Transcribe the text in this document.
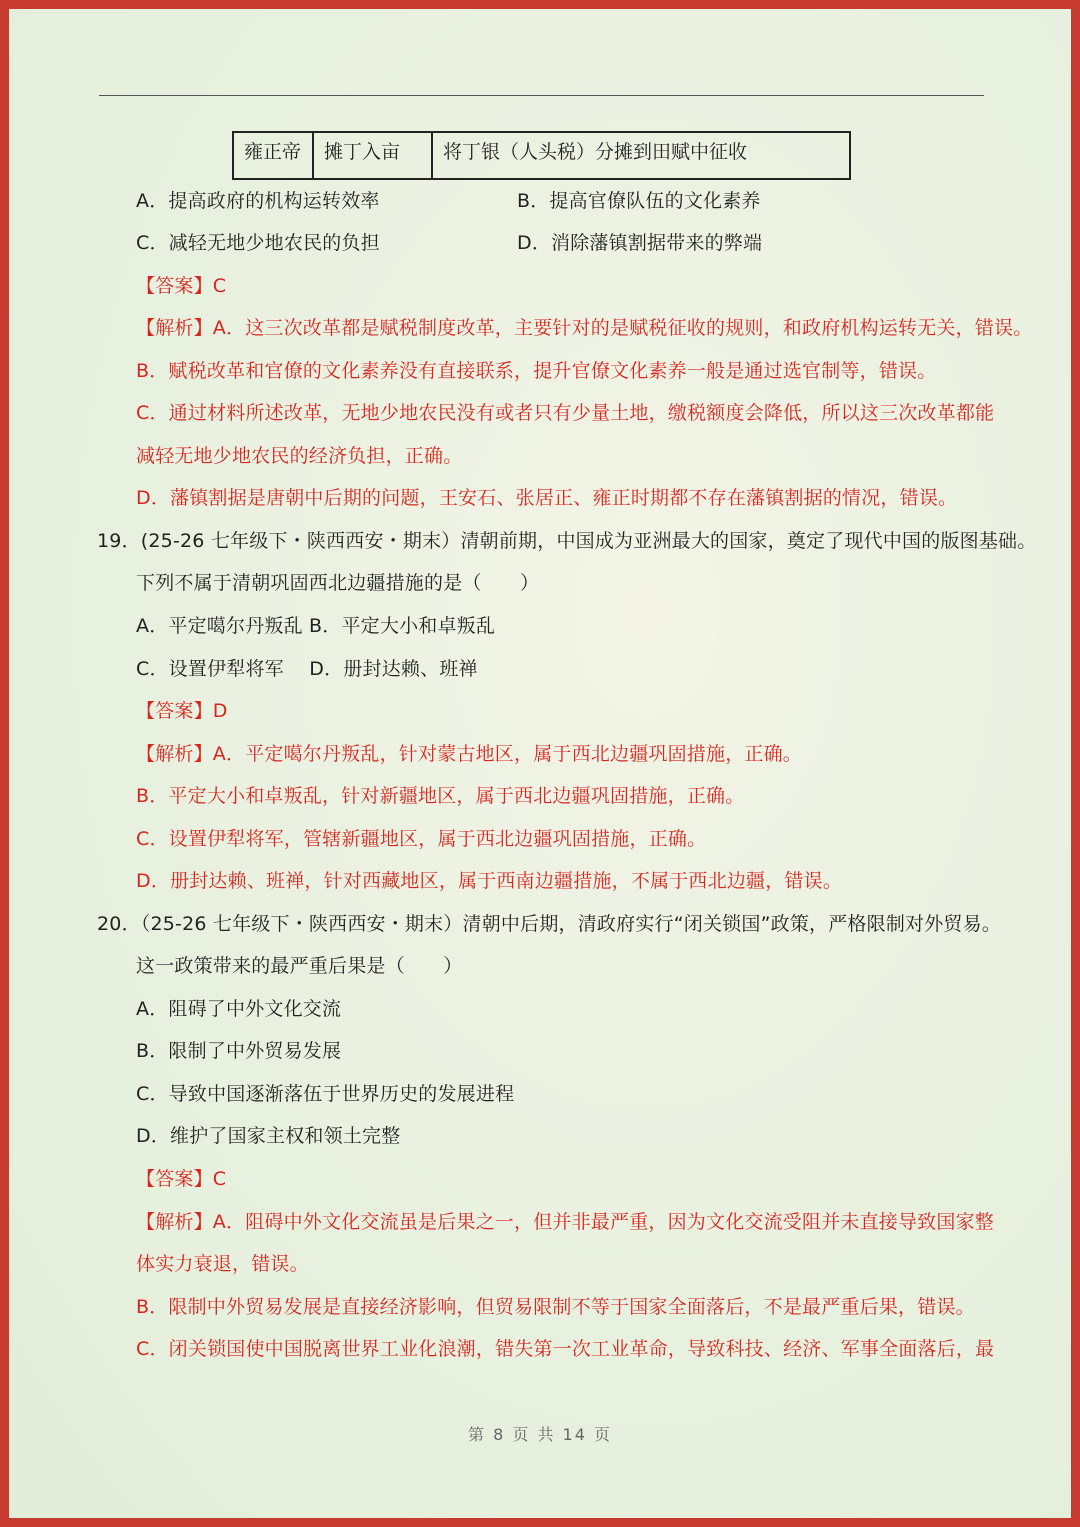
雍正帝	摊丁入亩	将丁银（人头税）分摊到田赋中征收
A．提高政府的机构运转效率	B．提高官僚队伍的文化素养
C．减轻无地少地农民的负担	D．消除藩镇割据带来的弊端
【答案】C
【解析】A．这三次改革都是赋税制度改革，主要针对的是赋税征收的规则，和政府机构运转无关，错误。
B．赋税改革和官僚的文化素养没有直接联系，提升官僚文化素养一般是通过选官制等，错误。
C．通过材料所述改革，无地少地农民没有或者只有少量土地，缴税额度会降低，所以这三次改革都能
减轻无地少地农民的经济负担，正确。
D．藩镇割据是唐朝中后期的问题，王安石、张居正、雍正时期都不存在藩镇割据的情况，错误。
19．(25-26 七年级下・陕西西安・期末）清朝前期，中国成为亚洲最大的国家，奠定了现代中国的版图基础。
下列不属于清朝巩固西北边疆措施的是（　　）
A．平定噶尔丹叛乱 B．平定大小和卓叛乱
C．设置伊犁将军　 D．册封达赖、班禅
【答案】D
【解析】A．平定噶尔丹叛乱，针对蒙古地区，属于西北边疆巩固措施，正确。
B．平定大小和卓叛乱，针对新疆地区，属于西北边疆巩固措施，正确。
C．设置伊犁将军，管辖新疆地区，属于西北边疆巩固措施，正确。
D．册封达赖、班禅，针对西藏地区，属于西南边疆措施，不属于西北边疆，错误。
20．（25-26 七年级下・陕西西安・期末）清朝中后期，清政府实行“闭关锁国”政策，严格限制对外贸易。
这一政策带来的最严重后果是（　　）
A．阻碍了中外文化交流
B．限制了中外贸易发展
C．导致中国逐渐落伍于世界历史的发展进程
D．维护了国家主权和领土完整
【答案】C
【解析】A．阻碍中外文化交流虽是后果之一，但并非最严重，因为文化交流受阻并未直接导致国家整
体实力衰退，错误。
B．限制中外贸易发展是直接经济影响，但贸易限制不等于国家全面落后，不是最严重后果，错误。
C．闭关锁国使中国脱离世界工业化浪潮，错失第一次工业革命，导致科技、经济、军事全面落后，最
第 8 页 共 14 页
